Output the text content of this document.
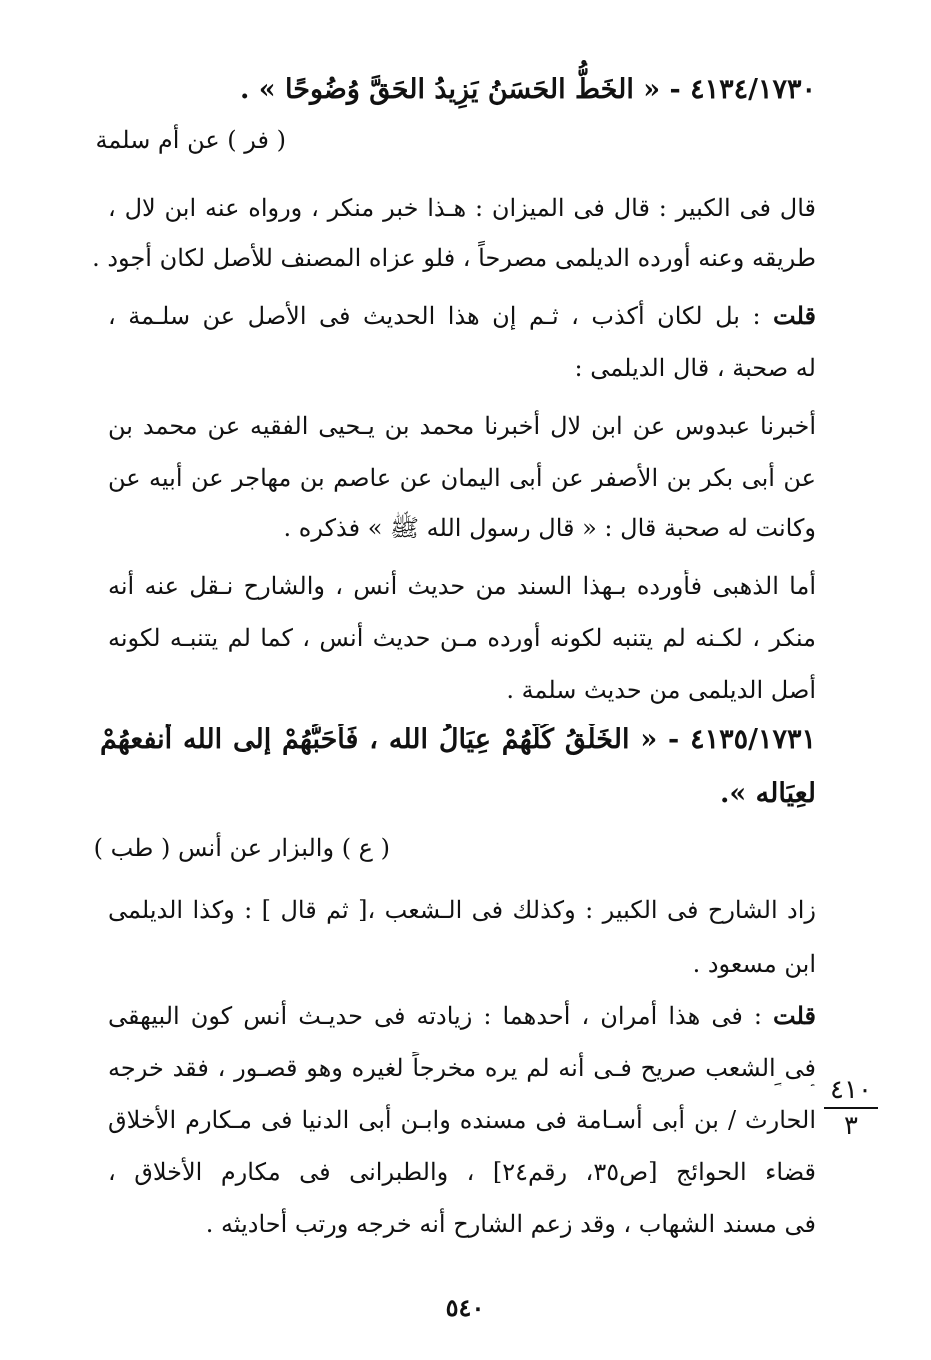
٤١٣٤/١٧٣٠ - « الخَطُّ الحَسَنُ يَزِيدُ الحَقَّ وُضُوحًا » .
( فر ) عن أم سلمة
قال فى الكبير : قال فى الميزان : هـذا خبر منكر ، ورواه عنه ابن لال ،
طريقه وعنه أورده الديلمى مصرحاً ، فلو عزاه المصنف للأصل لكان أجود .
قلت : بل لكان أكذب ، ثـم إن هذا الحديث فى الأصل عن سلـمة ،
له صحبة ، قال الديلمى :
أخبرنا عبدوس عن ابن لال أخبرنا محمد بن يـحيى الفقيه عن محمد بن
عن أبى بكر بن الأصفر عن أبى اليمان عن عاصم بن مهاجر عن أبيه عن
وكانت له صحبة قال : « قال رسول الله ﷺ » فذكره .
أما الذهبى فأورده بـهذا السند من حديث أنس ، والشارح نـقل عنه أنه
منكر ، لكـنه لم يتنبه لكونه أورده مـن حديث أنس ، كما لم يتنبـه لكونه
أصل الديلمى من حديث سلمة .
٤١٣٥/١٧٣١ - « الخَلْقُ كُلُّهُمْ عِيَالُ الله ، فَأَحَبُّهُمْ إلى الله أنفعهُمْ
لعِيَاله ».
( ع ) والبزار عن أنس ( طب )
زاد الشارح فى الكبير : وكذلك فى الـشعب ،[ ثم قال ] : وكذا الديلمى
ابن مسعود .
قلت : فى هذا أمران ، أحدهما : زيادته فى حديـث أنس كون البيهقى
فى الشعب صريح فـى أنه لم يره مخرجاً لغيره وهو قصـور ، فقد خرجه
الحارث / بن أبى أسـامة فى مسنده وابـن أبى الدنيا فى مـكارم الأخلاق
قضاء الحوائج [ص٣٥، رقم٢٤] ، والطبرانى فى مكارم الأخلاق ،
فى مسند الشهاب ، وقد زعم الشارح أنه خرجه ورتب أحاديثه .
٤١٠
٣
٥٤٠
